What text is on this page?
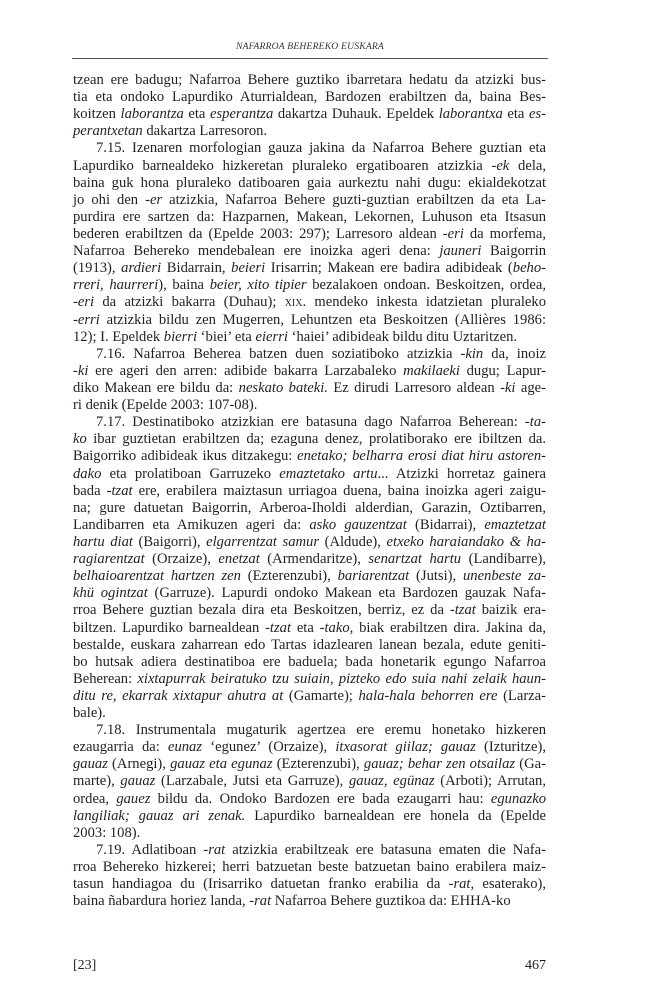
NAFARROA BEHEREKO EUSKARA
tzean ere badugu; Nafarroa Behere guztiko ibarretara hedatu da atzizki bus-
tia eta ondoko Lapurdiko Aturrialdean, Bardozen erabiltzen da, baina Bes-
koitzen laborantza eta esperantza dakartza Duhauk. Epeldek laborantxa eta es-
perantxetan dakartza Larresoron.
7.15. Izenaren morfologian gauza jakina da Nafarroa Behere guztian eta
Lapurdiko barnealdeko hizkeretan pluraleko ergatiboaren atzizkia -ek dela,
baina guk hona pluraleko datiboaren gaia aurkeztu nahi dugu: ekialdekotzat
jo ohi den -er atzizkia, Nafarroa Behere guzti-guztian erabiltzen da eta La-
purdira ere sartzen da: Hazparnen, Makean, Lekornen, Luhuson eta Itsasun
bederen erabiltzen da (Epelde 2003: 297); Larresoro aldean -eri da morfema,
Nafarroa Behereko mendebalean ere inoizka ageri dena: jauneri Baigorrin
(1913), ardieri Bidarrain, beieri Irisarrin; Makean ere badira adibideak (beho-
rreri, haurreri), baina beier, xito tipier bezalakoen ondoan. Beskoitzen, ordea,
-eri da atzizki bakarra (Duhau); xix. mendeko inkesta idatzietan pluraleko
-erri atzizkia bildu zen Mugerren, Lehuntzen eta Beskoitzen (Allières 1986:
12); I. Epeldek bierri ‘biei’ eta eierri ‘haiei’ adibideak bildu ditu Uztaritzen.
7.16. Nafarroa Beherea batzen duen soziatiboko atzizkia -kin da, inoiz
-ki ere ageri den arren: adibide bakarra Larzabaleko makilaeki dugu; Lapur-
diko Makean ere bildu da: neskato bateki. Ez dirudi Larresoro aldean -ki age-
ri denik (Epelde 2003: 107-08).
7.17. Destinatiboko atzizkian ere batasuna dago Nafarroa Beherean: -ta-
ko ibar guztietan erabiltzen da; ezaguna denez, prolatiborako ere ibiltzen da.
Baigorriko adibideak ikus ditzakegu: enetako; belharra erosi diat hiru astoren-
dako eta prolatiboan Garruzeko emaztetako artu... Atzizki horretaz gainera
bada -tzat ere, erabilera maiztasun urriagoa duena, baina inoizka ageri zaigu-
na; gure datuetan Baigorrin, Arberoa-Iholdi alderdian, Garazin, Oztibarren,
Landibarren eta Amikuzen ageri da: asko gauzentzat (Bidarrai), emaztetzat
hartu diat (Baigorri), elgarrentzat samur (Aldude), etxeko haraiandako & ha-
ragiarentzat (Orzaize), enetzat (Armendaritze), senartzat hartu (Landibarre),
belhaioarentzat hartzen zen (Ezterenzubi), bariarentzat (Jutsi), unenbeste za-
khü ogintzat (Garruze). Lapurdi ondoko Makean eta Bardozen gauzak Nafa-
rroa Behere guztian bezala dira eta Beskoitzen, berriz, ez da -tzat baizik era-
biltzen. Lapurdiko barnealdean -tzat eta -tako, biak erabiltzen dira. Jakina da,
bestalde, euskara zaharrean edo Tartas idazlearen lanean bezala, edute geniti-
bo hutsak adiera destinatiboa ere baduela; bada honetarik egungo Nafarroa
Beherean: xixtapurrak beiratuko tzu suiain, pizteko edo suia nahi zelaik haun-
ditu re, ekarrak xixtapur ahutra at (Gamarte); hala-hala behorren ere (Larza-
bale).
7.18. Instrumentala mugaturik agertzea ere eremu honetako hizkeren
ezaugarria da: eunaz ‘egunez’ (Orzaize), itxasorat giilaz; gauaz (Izturitze),
gauaz (Arnegi), gauaz eta egunaz (Ezterenzubi), gauaz; behar zen otsailaz (Ga-
marte), gauaz (Larzabale, Jutsi eta Garruze), gauaz, egünaz (Arboti); Arrutan,
ordea, gauez bildu da. Ondoko Bardozen ere bada ezaugarri hau: egunazko
langiliak; gauaz ari zenak. Lapurdiko barnealdean ere honela da (Epelde
2003: 108).
7.19. Adlatiboan -rat atzizkia erabiltzeak ere batasuna ematen die Nafa-
rroa Behereko hizkerei; herri batzuetan beste batzuetan baino erabilera maiz-
tasun handiagoa du (Irisarriko datuetan franko erabilia da -rat, esaterako),
baina ñabardura horiez landa, -rat Nafarroa Behere guztikoa da: EHHA-ko
[23]	467
